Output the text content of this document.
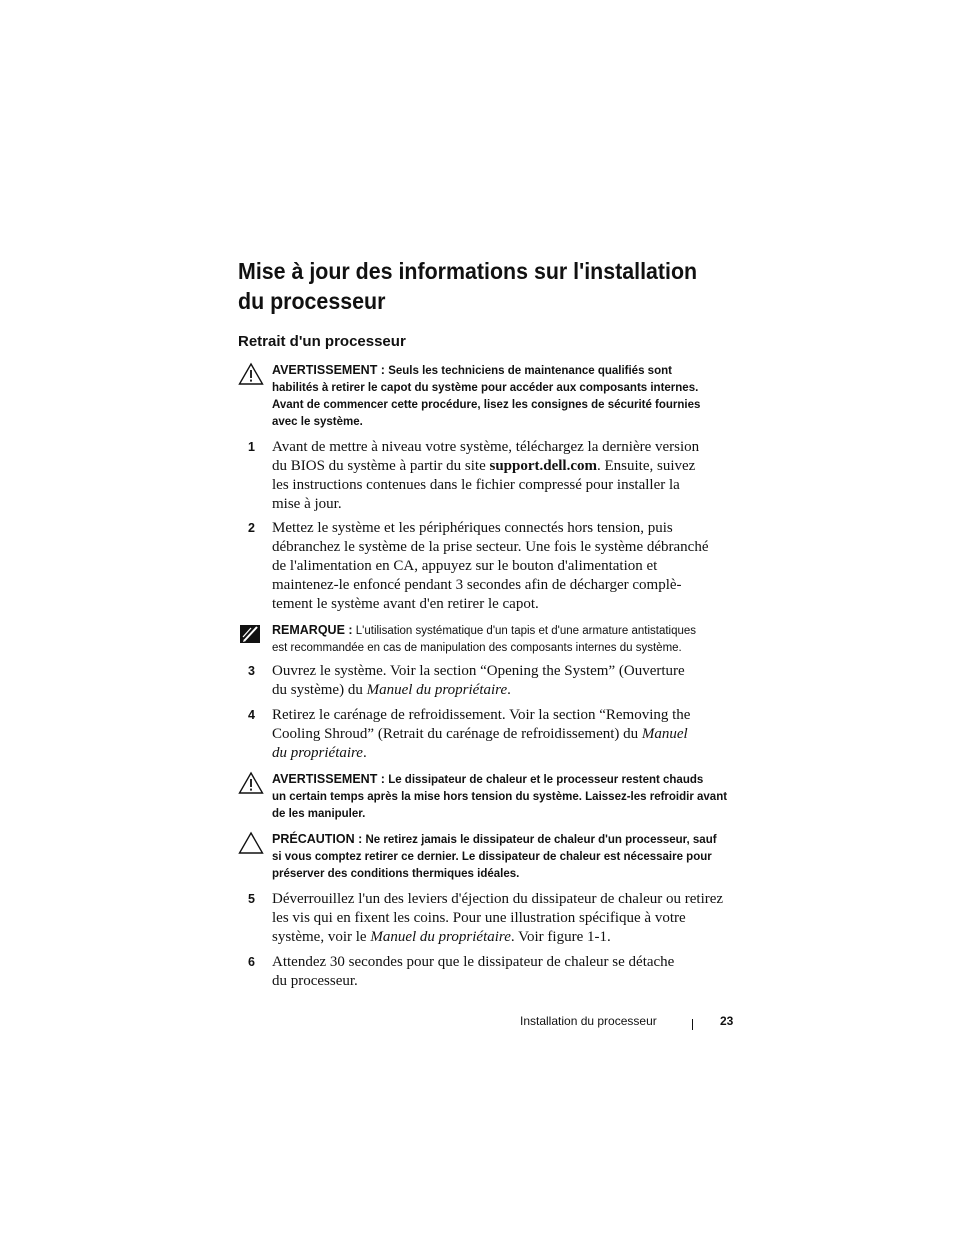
Mise à jour des informations sur l'installation
du processeur
Retrait d'un processeur
AVERTISSEMENT : Seuls les techniciens de maintenance qualifiés sont
habilités à retirer le capot du système pour accéder aux composants internes.
Avant de commencer cette procédure, lisez les consignes de sécurité fournies
avec le système.
1 Avant de mettre à niveau votre système, téléchargez la dernière version
du BIOS du système à partir du site support.dell.com. Ensuite, suivez
les instructions contenues dans le fichier compressé pour installer la
mise à jour.
2 Mettez le système et les périphériques connectés hors tension, puis
débranchez le système de la prise secteur. Une fois le système débranché
de l'alimentation en CA, appuyez sur le bouton d'alimentation et
maintenez-le enfoncé pendant 3 secondes afin de décharger complè-
tement le système avant d'en retirer le capot.
REMARQUE : L'utilisation systématique d'un tapis et d'une armature antistatiques
est recommandée en cas de manipulation des composants internes du système.
3 Ouvrez le système. Voir la section “Opening the System” (Ouverture
du système) du Manuel du propriétaire.
4 Retirez le carénage de refroidissement. Voir la section “Removing the
Cooling Shroud” (Retrait du carénage de refroidissement) du Manuel
du propriétaire.
AVERTISSEMENT : Le dissipateur de chaleur et le processeur restent chauds
un certain temps après la mise hors tension du système. Laissez-les refroidir avant
de les manipuler.
PRÉCAUTION : Ne retirez jamais le dissipateur de chaleur d'un processeur, sauf
si vous comptez retirer ce dernier. Le dissipateur de chaleur est nécessaire pour
préserver des conditions thermiques idéales.
5 Déverrouillez l'un des leviers d'éjection du dissipateur de chaleur ou retirez
les vis qui en fixent les coins. Pour une illustration spécifique à votre
système, voir le Manuel du propriétaire. Voir figure 1-1.
6 Attendez 30 secondes pour que le dissipateur de chaleur se détache
du processeur.
Installation du processeur	23
